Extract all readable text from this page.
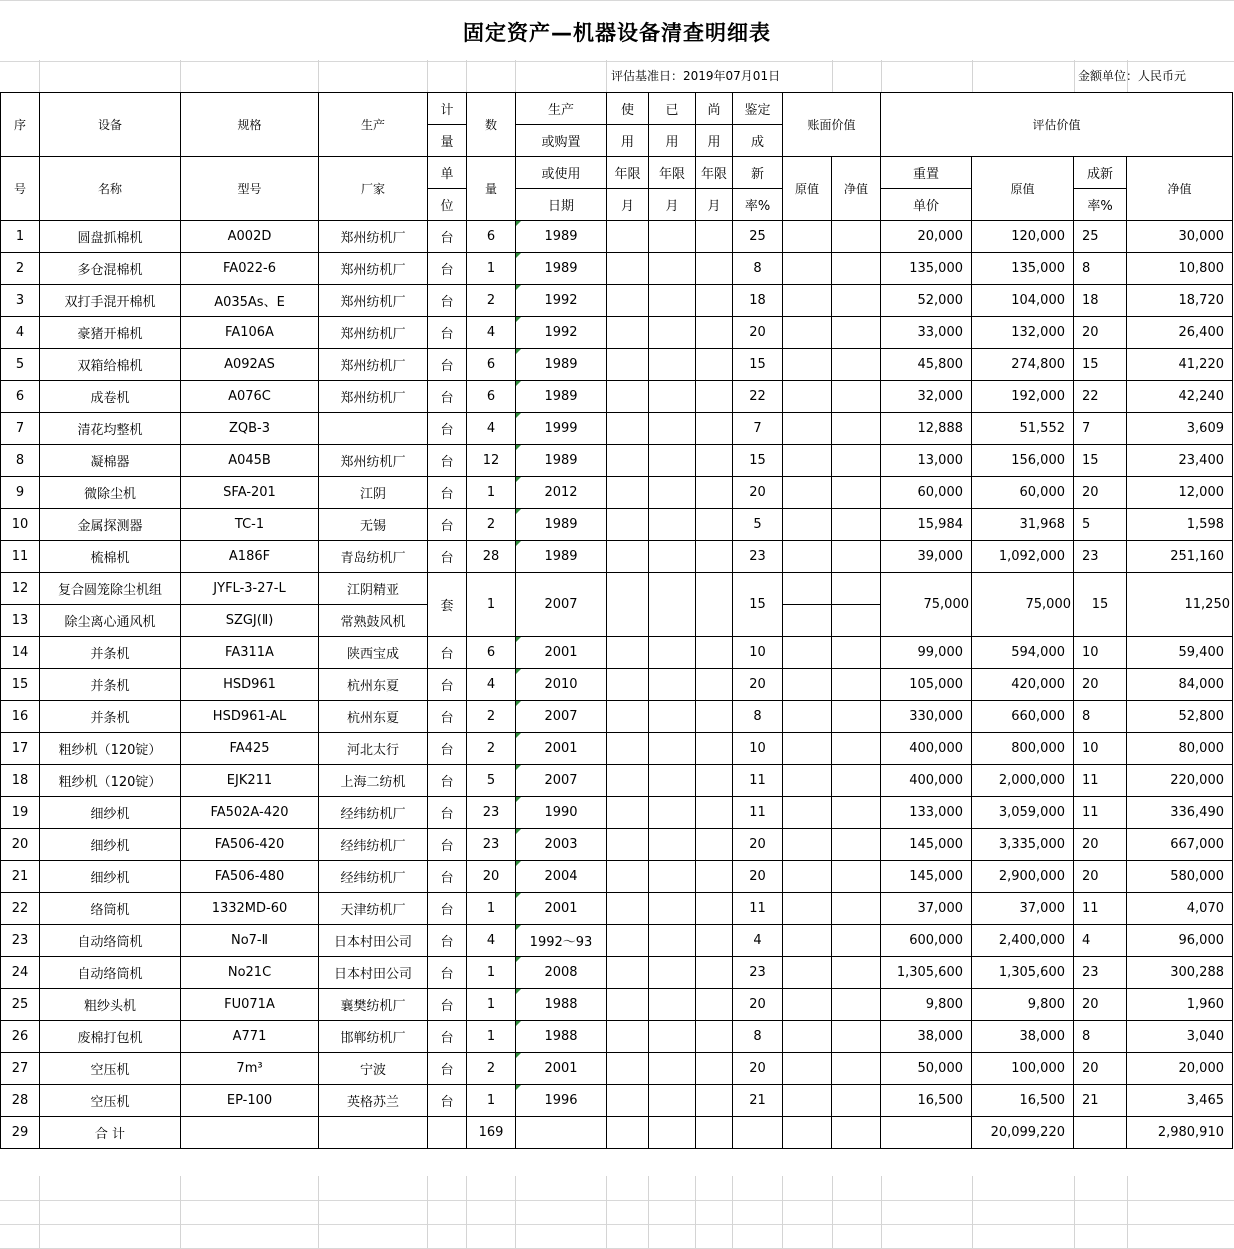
固定资产—机器设备清查明细表
评估基准日：2019年07月01日	金额单位：人民币元
序	设备	规格	生产	计	数	生产	使	已	尚	鉴定	账面价值		评估价值			
				量		或购置	用	用	用	成						
号	名称	型号	厂家	单	量	或使用	年限	年限	年限	新	原值	净值	重置	原值	成新	净值
				位		日期	月	月	月	率%			单价		率%	
1	圆盘抓棉机	A002D	郑州纺机厂	台	6	1989				25			20,000	120,000	25	30,000
2	多仓混棉机	FA022-6	郑州纺机厂	台	1	1989				8			135,000	135,000	8	10,800
3	双打手混开棉机	A035As、E	郑州纺机厂	台	2	1992				18			52,000	104,000	18	18,720
4	豪猪开棉机	FA106A	郑州纺机厂	台	4	1992				20			33,000	132,000	20	26,400
5	双箱给棉机	A092AS	郑州纺机厂	台	6	1989				15			45,800	274,800	15	41,220
6	成卷机	A076C	郑州纺机厂	台	6	1989				22			32,000	192,000	22	42,240
7	清花均整机	ZQB-3		台	4	1999				7			12,888	51,552	7	3,609
8	凝棉器	A045B	郑州纺机厂	台	12	1989				15			13,000	156,000	15	23,400
9	微除尘机	SFA-201	江阴	台	1	2012				20			60,000	60,000	20	12,000
10	金属探测器	TC-1	无锡	台	2	1989				5			15,984	31,968	5	1,598
11	梳棉机	A186F	青岛纺机厂	台	28	1989				23			39,000	1,092,000	23	251,160
12	复合圆笼除尘机组	JYFL-3-27-L	江阴精亚	套	1	2007				15			75,000	75,000	15	11,250
13	除尘离心通风机	SZGJ(Ⅱ)	常熟鼓风机													
14	并条机	FA311A	陕西宝成	台	6	2001				10			99,000	594,000	10	59,400
15	并条机	HSD961	杭州东夏	台	4	2010				20			105,000	420,000	20	84,000
16	并条机	HSD961-AL	杭州东夏	台	2	2007				8			330,000	660,000	8	52,800
17	粗纱机（120锭）	FA425	河北太行	台	2	2001				10			400,000	800,000	10	80,000
18	粗纱机（120锭）	EJK211	上海二纺机	台	5	2007				11			400,000	2,000,000	11	220,000
19	细纱机	FA502A-420	经纬纺机厂	台	23	1990				11			133,000	3,059,000	11	336,490
20	细纱机	FA506-420	经纬纺机厂	台	23	2003				20			145,000	3,335,000	20	667,000
21	细纱机	FA506-480	经纬纺机厂	台	20	2004				20			145,000	2,900,000	20	580,000
22	络筒机	1332MD-60	天津纺机厂	台	1	2001				11			37,000	37,000	11	4,070
23	自动络筒机	No7-Ⅱ	日本村田公司	台	4	1992～93				4			600,000	2,400,000	4	96,000
24	自动络筒机	No21C	日本村田公司	台	1	2008				23			1,305,600	1,305,600	23	300,288
25	粗纱头机	FU071A	襄樊纺机厂	台	1	1988				20			9,800	9,800	20	1,960
26	废棉打包机	A771	邯郸纺机厂	台	1	1988				8			38,000	38,000	8	3,040
27	空压机	7m³	宁波	台	2	2001				20			50,000	100,000	20	20,000
28	空压机	EP-100	英格苏兰	台	1	1996				21			16,500	16,500	21	3,465
29	合 计				169									20,099,220		2,980,910
